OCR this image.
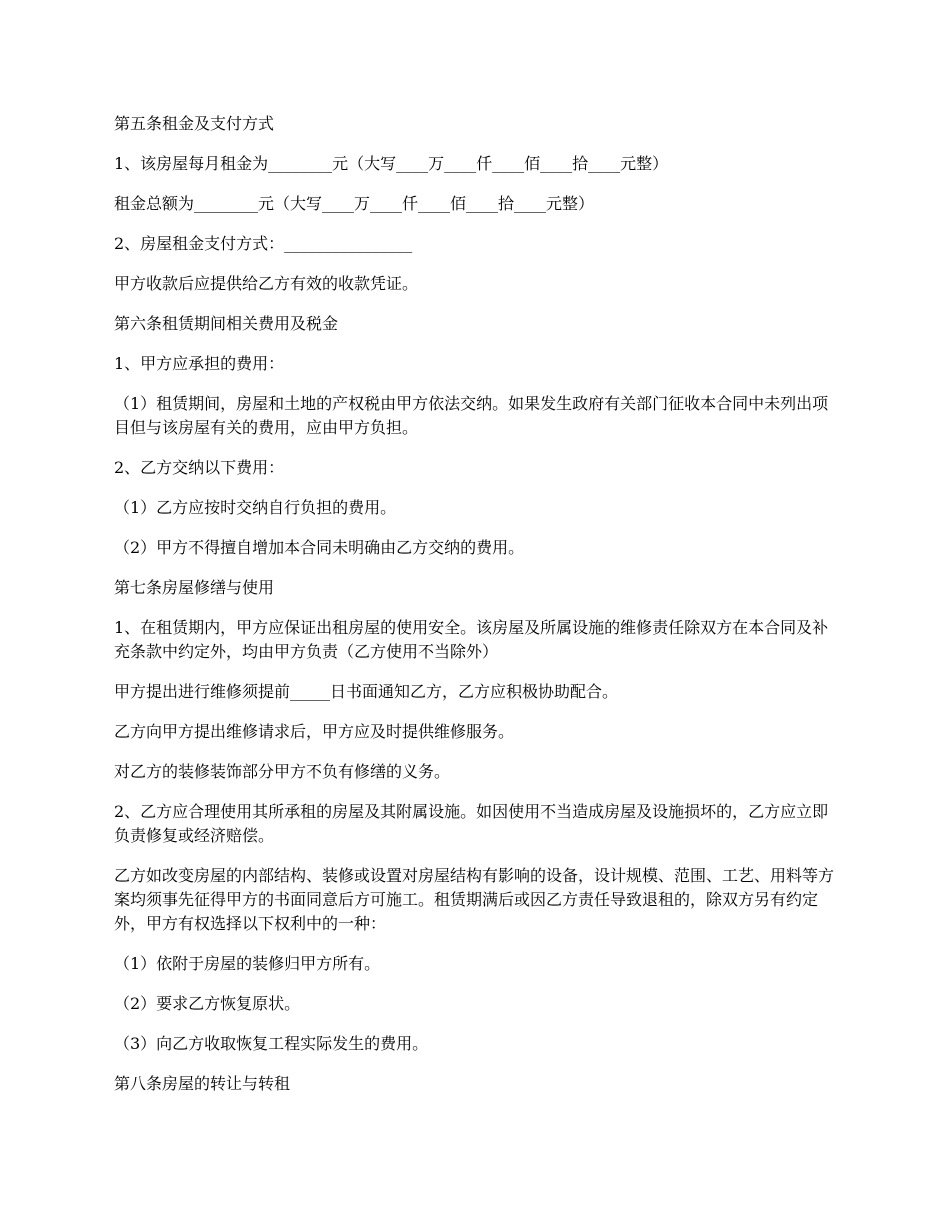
第五条租金及支付方式

1、该房屋每月租金为________元（大写____万____仟____佰____拾____元整）

租金总额为________元（大写____万____仟____佰____拾____元整）

2、房屋租金支付方式：________________

甲方收款后应提供给乙方有效的收款凭证。

第六条租赁期间相关费用及税金

1、甲方应承担的费用：

（1）租赁期间，房屋和土地的产权税由甲方依法交纳。如果发生政府有关部门征收本合同中未列出项目但与该房屋有关的费用，应由甲方负担。

2、乙方交纳以下费用：

（1）乙方应按时交纳自行负担的费用。

（2）甲方不得擅自增加本合同未明确由乙方交纳的费用。

第七条房屋修缮与使用

1、在租赁期内，甲方应保证出租房屋的使用安全。该房屋及所属设施的维修责任除双方在本合同及补充条款中约定外，均由甲方负责（乙方使用不当除外）

甲方提出进行维修须提前_____日书面通知乙方，乙方应积极协助配合。

乙方向甲方提出维修请求后，甲方应及时提供维修服务。

对乙方的装修装饰部分甲方不负有修缮的义务。

2、乙方应合理使用其所承租的房屋及其附属设施。如因使用不当造成房屋及设施损坏的，乙方应立即负责修复或经济赔偿。

乙方如改变房屋的内部结构、装修或设置对房屋结构有影响的设备，设计规模、范围、工艺、用料等方案均须事先征得甲方的书面同意后方可施工。租赁期满后或因乙方责任导致退租的，除双方另有约定外，甲方有权选择以下权利中的一种：

（1）依附于房屋的装修归甲方所有。

（2）要求乙方恢复原状。

（3）向乙方收取恢复工程实际发生的费用。

第八条房屋的转让与转租
